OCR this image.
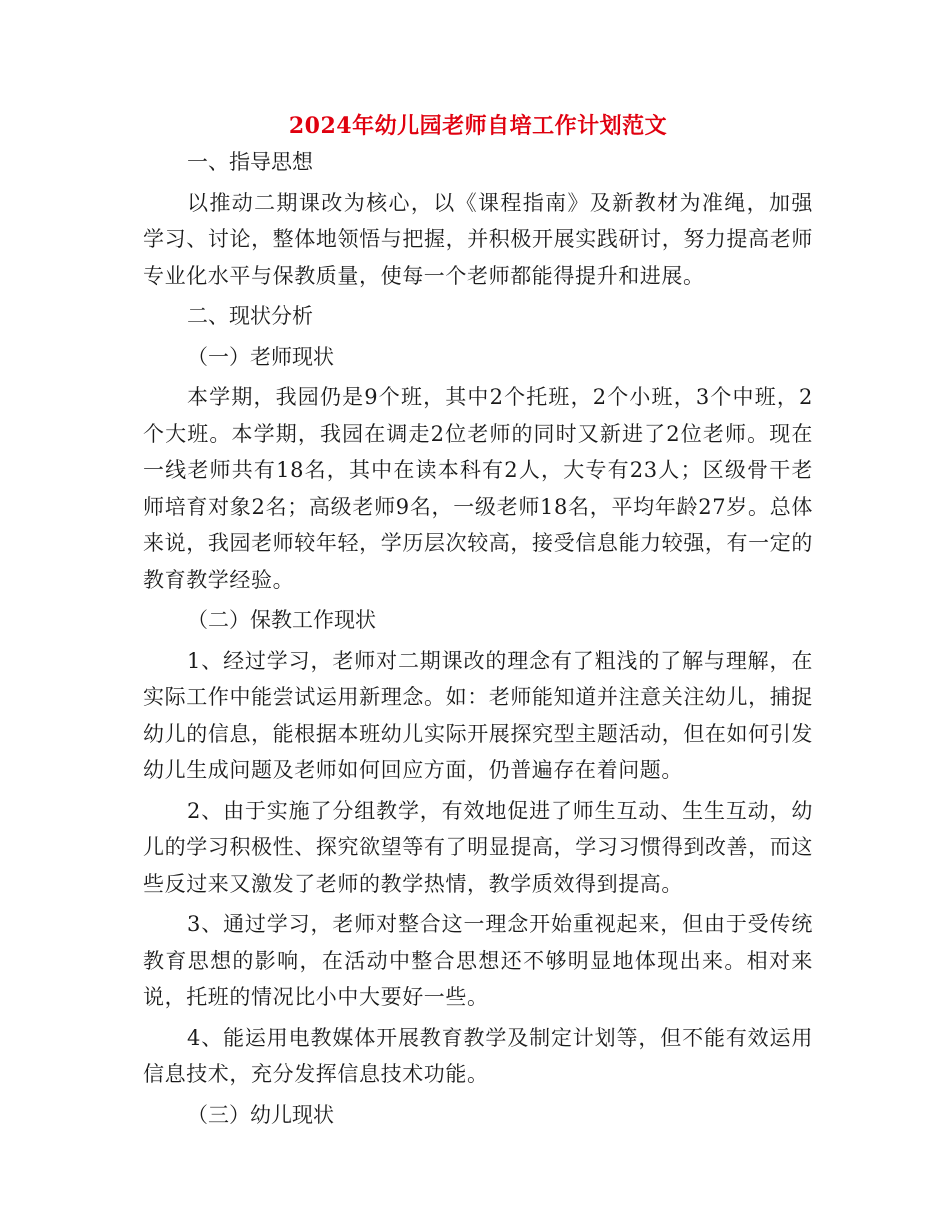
2024年幼儿园老师自培工作计划范文

一、指导思想

以推动二期课改为核心，以《课程指南》及新教材为准绳，加强学习、讨论，整体地领悟与把握，并积极开展实践研讨，努力提高老师专业化水平与保教质量，使每一个老师都能得提升和进展。

二、现状分析

（一）老师现状

本学期，我园仍是9个班，其中2个托班，2个小班，3个中班，2个大班。本学期，我园在调走2位老师的同时又新进了2位老师。现在一线老师共有18名，其中在读本科有2人，大专有23人；区级骨干老师培育对象2名；高级老师9名，一级老师18名，平均年龄27岁。总体来说，我园老师较年轻，学历层次较高，接受信息能力较强，有一定的教育教学经验。

（二）保教工作现状

1、经过学习，老师对二期课改的理念有了粗浅的了解与理解，在实际工作中能尝试运用新理念。如：老师能知道并注意关注幼儿，捕捉幼儿的信息，能根据本班幼儿实际开展探究型主题活动，但在如何引发幼儿生成问题及老师如何回应方面，仍普遍存在着问题。

2、由于实施了分组教学，有效地促进了师生互动、生生互动，幼儿的学习积极性、探究欲望等有了明显提高，学习习惯得到改善，而这些反过来又激发了老师的教学热情，教学质效得到提高。

3、通过学习，老师对整合这一理念开始重视起来，但由于受传统教育思想的影响，在活动中整合思想还不够明显地体现出来。相对来说，托班的情况比小中大要好一些。

4、能运用电教媒体开展教育教学及制定计划等，但不能有效运用信息技术，充分发挥信息技术功能。

（三）幼儿现状
